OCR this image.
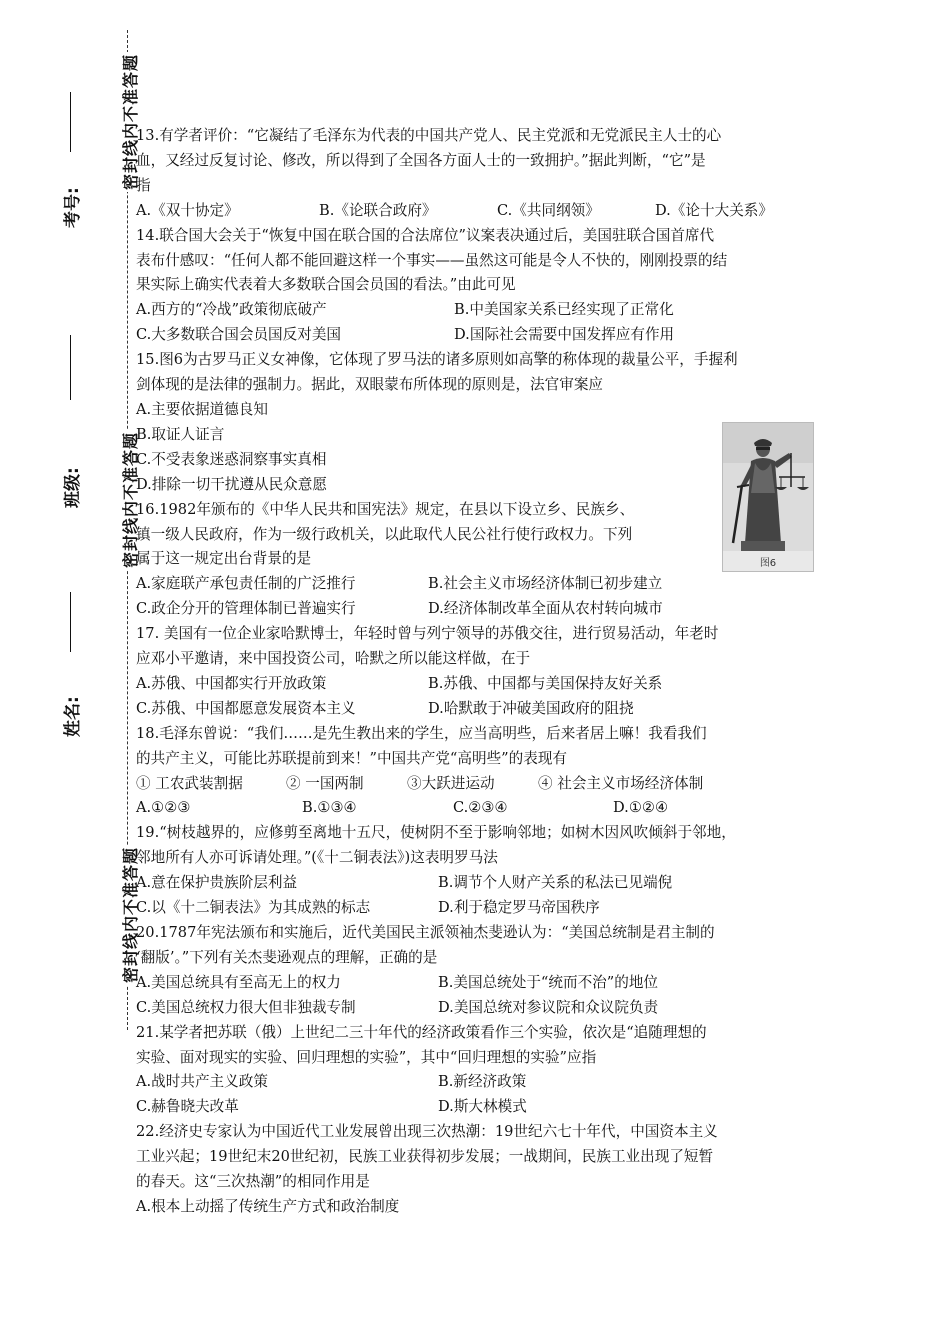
考号:
班级:
姓名:
密封线内不准答题
密封线内不准答题
密封线内不准答题
13.有学者评价：“它凝结了毛泽东为代表的中国共产党人、民主党派和无党派民主人士的心
血，又经过反复讨论、修改，所以得到了全国各方面人士的一致拥护。”据此判断，“它”是
指
A.《双十协定》	B.《论联合政府》	C.《共同纲领》	D.《论十大关系》
14.联合国大会关于“恢复中国在联合国的合法席位”议案表决通过后，美国驻联合国首席代
表布什感叹：“任何人都不能回避这样一个事实——虽然这可能是令人不快的，刚刚投票的结
果实际上确实代表着大多数联合国会员国的看法。”由此可见
A.西方的“冷战”政策彻底破产	B.中美国家关系已经实现了正常化
C.大多数联合国会员国反对美国	D.国际社会需要中国发挥应有作用
15.图6为古罗马正义女神像，它体现了罗马法的诸多原则如高擎的称体现的裁量公平，手握利
剑体现的是法律的强制力。据此，双眼蒙布所体现的原则是，法官审案应
A.主要依据道德良知
B.取证人证言
C.不受表象迷惑洞察事实真相
D.排除一切干扰遵从民众意愿
16.1982年颁布的《中华人民共和国宪法》规定，在县以下设立乡、民族乡、
镇一级人民政府，作为一级行政机关，以此取代人民公社行使行政权力。下列
属于这一规定出台背景的是
A.家庭联产承包责任制的广泛推行	B.社会主义市场经济体制已初步建立
C.政企分开的管理体制已普遍实行	D.经济体制改革全面从农村转向城市
17. 美国有一位企业家哈默博士，年轻时曾与列宁领导的苏俄交往，进行贸易活动，年老时
应邓小平邀请，来中国投资公司，哈默之所以能这样做，在于
A.苏俄、中国都实行开放政策	B.苏俄、中国都与美国保持友好关系
C.苏俄、中国都愿意发展资本主义	D.哈默敢于冲破美国政府的阻挠
18.毛泽东曾说：“我们……是先生教出来的学生，应当高明些，后来者居上嘛！我看我们
的共产主义，可能比苏联提前到来！”中国共产党“高明些”的表现有
① 工农武装割据	② 一国两制	③大跃进运动	④ 社会主义市场经济体制
A.①②③	B.①③④	C.②③④	D.①②④
19.“树枝越界的，应修剪至离地十五尺，使树阴不至于影响邻地；如树木因风吹倾斜于邻地，
邻地所有人亦可诉请处理。”(《十二铜表法》)这表明罗马法
A.意在保护贵族阶层利益	B.调节个人财产关系的私法已见端倪
C.以《十二铜表法》为其成熟的标志	D.利于稳定罗马帝国秩序
20.1787年宪法颁布和实施后，近代美国民主派领袖杰斐逊认为：“美国总统制是君主制的
‘翻版’。”下列有关杰斐逊观点的理解，正确的是
A.美国总统具有至高无上的权力	B.美国总统处于“统而不治”的地位
C.美国总统权力很大但非独裁专制	D.美国总统对参议院和众议院负责
21.某学者把苏联（俄）上世纪二三十年代的经济政策看作三个实验，依次是“追随理想的
实验、面对现实的实验、回归理想的实验”，其中“回归理想的实验”应指
A.战时共产主义政策	B.新经济政策
C.赫鲁晓夫改革	D.斯大林模式
22.经济史专家认为中国近代工业发展曾出现三次热潮：19世纪六七十年代，中国资本主义
工业兴起；19世纪末20世纪初，民族工业获得初步发展；一战期间，民族工业出现了短暂
的春天。这“三次热潮”的相同作用是
A.根本上动摇了传统生产方式和政治制度
图6
